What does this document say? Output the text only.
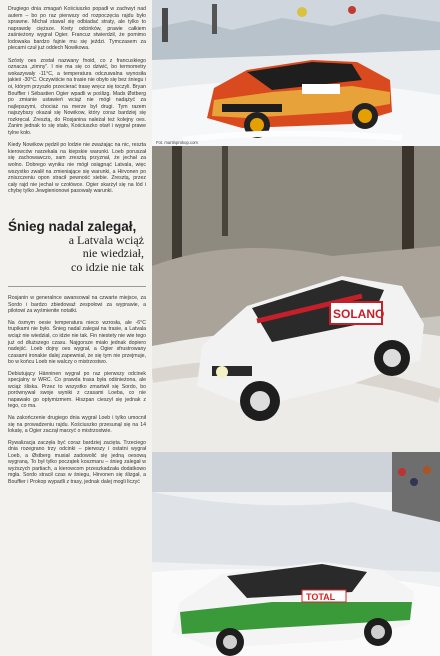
Drugiego dnia zmagań Kościuszko popadł w zachwyt nad autem – bo po raz pierwszy od rozpoczęcia rajdu było sprawne. Michał stawał się odbiadać straty, ale tylko to naprawdę cięższe. Krety odcinków, prawie całkiem zaśnieżony wygrał Ogier. Francuz stwierdził, że pomimo lodowaka bardzo fajnie mu się jeździ. Tymczasem za plecami czuł już oddech Nowikowa.

Szósty oes został nazwany fnoid, co z francuskiego oznacza „zimny”. I nie ma się co dziwić, bo termometry wskazywały -11°C, a temperatura odczuwalna wynosiła jakieś -30°C. Oczywiście na trasie nie obyło się bez śniegu i oi, którym przyszło przecierać trasę wręcz się toczyli. Bryan Bouffier i Sébastien Ogier wpadli w poślizg. Mads Østberg po zmianie ustawień wciąż nie mógł nadążyć za najlepszymi, chociaż na merze był drugi. Tym razem najszybszy okazał się Nowikow, który coraz bardziej się rozkręcał. Zresztą, do Rosjanina należał też kolejny oes. Zanim jednak to się stało, Kościuszko otarł i wygrał prawe tylne koło.

Kiedy Nowikow pędził po lodzie nie zważając na nic, reszta kierowców narzekała na kiepskie warunki. Loeb poruszał się zachowawczo, sam zresztą przyznał, że jechał za wolno. Dobrego wyniku nie mógł osiągnąć Latvala, więc wszystko zwalił na zmieniające się warunki, a Hirvonen po zniszczeniu opon stracił pewność siebie. Zresztą, przez cały rajd nie jechał w czołówce. Ogier skarżył się na lód i chybę tylko Jewgienionowi pasowały warunki.

Śnieg nadal zalegał,
a Latvala wciąż
nie wiedział,
co idzie nie tak

Rosjanin w generalnce awansował na czwarte miejsce, za Sordo i bardzo zbiedowaź zespołowi za wyprawie, a pilotowi za wyśmienite notatki.

Na ósmym oesie temperatura nieco wzrosła, ale -6°C trupikami nie było. Śnieg nadal zalegał na trasie, a Latvala wciąż nie wiedział, co idzie nie tak. Fin niestety nie wie tego już od dłuższego czasu. Najgorsze miało jednak dopiero nadejść. Loeb dojny oes wygrał, a Ogier sfrustrowany czasami ironakie dalej zapewniał, że się tym nie przejmuje, bo w końcu Loeb nie walczy o mistrzostwo.

Debiutujący Hänninen wygrał po raz pierwszy odcinek specjalny w WRC. Co prawda trasa była odśnieżona, ale wciąż śliska. Przez to wszystko zmartwił się Sordo, bo porównywał swoje wyniki z czasami Loeba, co nie napawało go optymizmem. Hiszpan cieszył się jednak z tego, co ma.

Na zakończenie drugiego dnia wygrał Loeb i tylko umocnił się na prowadzeniu rajdu. Kościuszko przesunął się na 14 lokatę, a Ogier zaczął marzyć o mistrzostwie.

Rywalizacja zaczęła być coraz bardziej zacięta. Trzeciego dnia rozegrano trzy odcinki – pierwszy i ostatni wygrał Loeb, a Østberg musiał zadowolić się jedną oesową wygraną. To był tylko początek koszmaru – śnieg zalegał w wyższych partiach, a kierowcom przeszkadzała dodatkowo mgła. Sordo stracił czas w śniegu, Hirvonen się ślizgał, a Bouffier i Prokop wypadli z trasy, jednak dalej mogli liczyć

Fot. martinprokop.com
SOLANO
TOTAL
